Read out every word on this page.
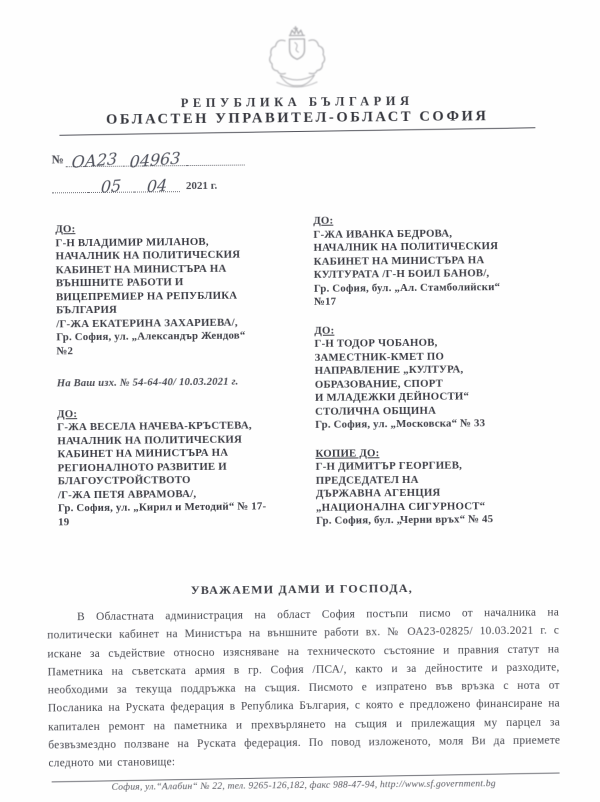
РЕПУБЛИКА БЪЛГАРИЯ
ОБЛАСТЕН УПРАВИТЕЛ-ОБЛАСТ СОФИЯ
№ ОА23 04963
05 04 2021 г.
ДО:
Г-Н ВЛАДИМИР МИЛАНОВ,
НАЧАЛНИК НА ПОЛИТИЧЕСКИЯ
КАБИНЕТ НА МИНИСТЪРА НА
ВЪНШНИТЕ РАБОТИ И
ВИЦЕПРЕМИЕР НА РЕПУБЛИКА
БЪЛГАРИЯ
/Г-ЖА ЕКАТЕРИНА ЗАХАРИЕВА/,
Гр. София, ул. „Александър Жендов“
№2
На Ваш изх. № 54-64-40/ 10.03.2021 г.
ДО:
Г-ЖА ВЕСЕЛА НАЧЕВА-КРЪСТЕВА,
НАЧАЛНИК НА ПОЛИТИЧЕСКИЯ
КАБИНЕТ НА МИНИСТЪРА НА
РЕГИОНАЛНОТО РАЗВИТИЕ И
БЛАГОУСТРОЙСТВОТО
/Г-ЖА ПЕТЯ АВРАМОВА/,
Гр. София, ул. „Кирил и Методий“ № 17-
19
ДО:
Г-ЖА ИВАНКА БЕДРОВА,
НАЧАЛНИК НА ПОЛИТИЧЕСКИЯ
КАБИНЕТ НА МИНИСТЪРА НА
КУЛТУРАТА /Г-Н БОИЛ БАНОВ/,
Гр. София, бул. „Ал. Стамболийски“
№17
ДО:
Г-Н ТОДОР ЧОБАНОВ,
ЗАМЕСТНИК-КМЕТ ПО
НАПРАВЛЕНИЕ „КУЛТУРА,
ОБРАЗОВАНИЕ, СПОРТ
И МЛАДЕЖКИ ДЕЙНОСТИ“
СТОЛИЧНА ОБЩИНА
Гр. София, ул. „Московска“ № 33
КОПИЕ ДО:
Г-Н ДИМИТЪР ГЕОРГИЕВ,
ПРЕДСЕДАТЕЛ НА
ДЪРЖАВНА АГЕНЦИЯ
„НАЦИОНАЛНА СИГУРНОСТ“
Гр. София, бул. „Черни връх“ № 45
УВАЖАЕМИ ДАМИ И ГОСПОДА,
В Областната администрация на област София постъпи писмо от началника на политически кабинет на Министъра на външните работи вх. № ОА23-02825/ 10.03.2021 г. с искане за съдействие относно изясняване на техническото състояние и правния статут на Паметника на съветската армия в гр. София /ПСА/, както и за дейностите и разходите, необходими за текуща поддръжка на същия. Писмото е изпратено във връзка с нота от Посланика на Руската федерация в Република България, с която е предложено финансиране на капитален ремонт на паметника и прехвърлянето на същия и прилежащия му парцел за безвъзмездно ползване на Руската федерация. По повод изложеното, моля Ви да приемете следното ми становище:
София, ул.“Алабин“ № 22, тел. 9265-126,182, факс 988-47-94, http://www.sf.government.bg
